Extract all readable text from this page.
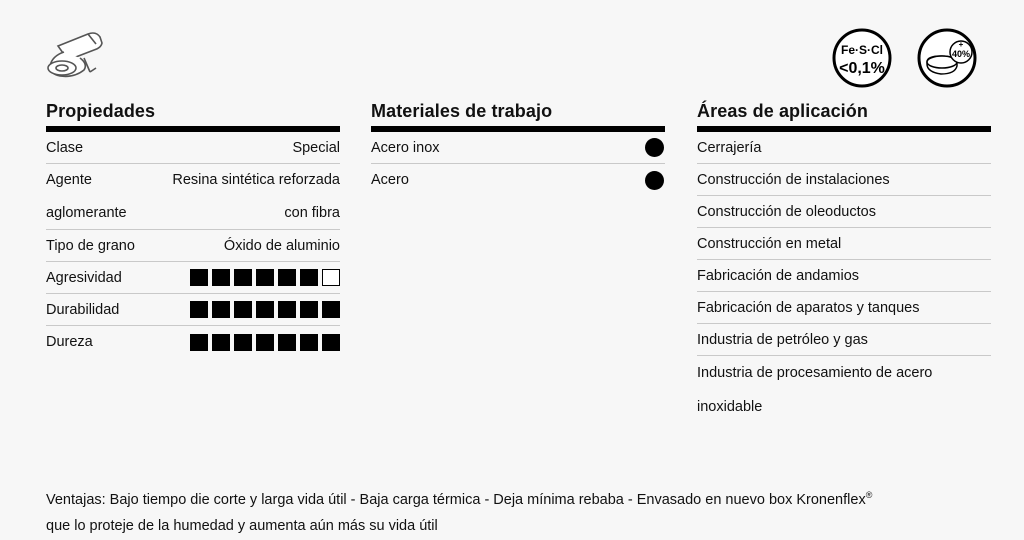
Fe·S·Cl
<0,1%
+
40%
Propiedades
Clase	Special
Agente
aglomerante
Resina sintética reforzada
con fibra
Tipo de grano	Óxido de aluminio
Agresividad
Durabilidad
Dureza
Materiales de trabajo
Acero inox
Acero
Áreas de aplicación
Cerrajería
Construcción de instalaciones
Construcción de oleoductos
Construcción en metal
Fabricación de andamios
Fabricación de aparatos y tanques
Industria de petróleo y gas
Industria de procesamiento de acero
inoxidable
Ventajas: Bajo tiempo die corte y larga vida útil - Baja carga térmica - Deja mínima rebaba - Envasado en nuevo box Kronenflex®
que lo proteje de la humedad y aumenta aún más su vida útil
